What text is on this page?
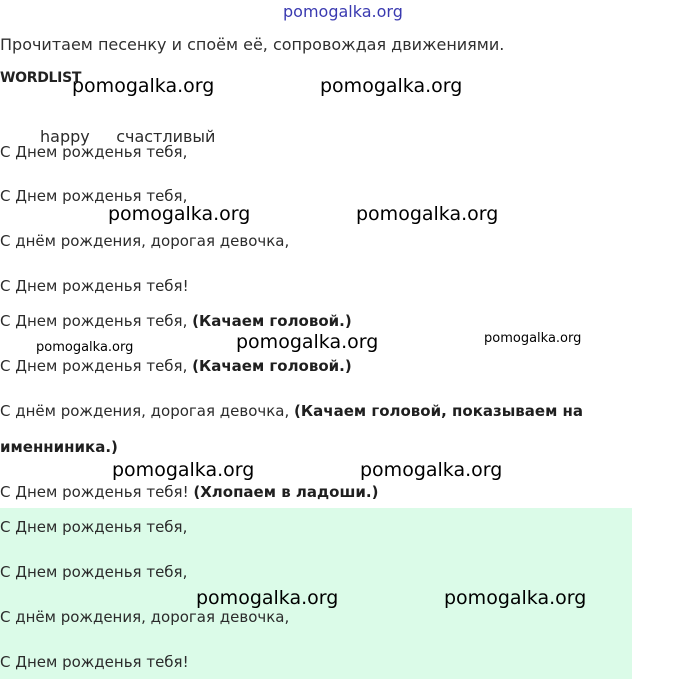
pomogalka.org
Прочитаем песенку и споём её, сопровождая движениями.
WORDLIST
happy счастливый
С Днем рожденья тебя,
С Днем рожденья тебя,
С днём рождения, дорогая девочка,
С Днем рожденья тебя!
С Днем рожденья тебя, (Качаем головой.)
С Днем рожденья тебя, (Качаем головой.)
С днём рождения, дорогая девочка, (Качаем головой, показываем на
именниника.)
С Днем рожденья тебя! (Хлопаем в ладоши.)
С Днем рожденья тебя,
С Днем рожденья тебя,
С днём рождения, дорогая девочка,
С Днем рожденья тебя!
pomogalka.org	pomogalka.org
pomogalka.org	pomogalka.org
pomogalka.org	pomogalka.org	pomogalka.org
pomogalka.org	pomogalka.org
pomogalka.org	pomogalka.org
